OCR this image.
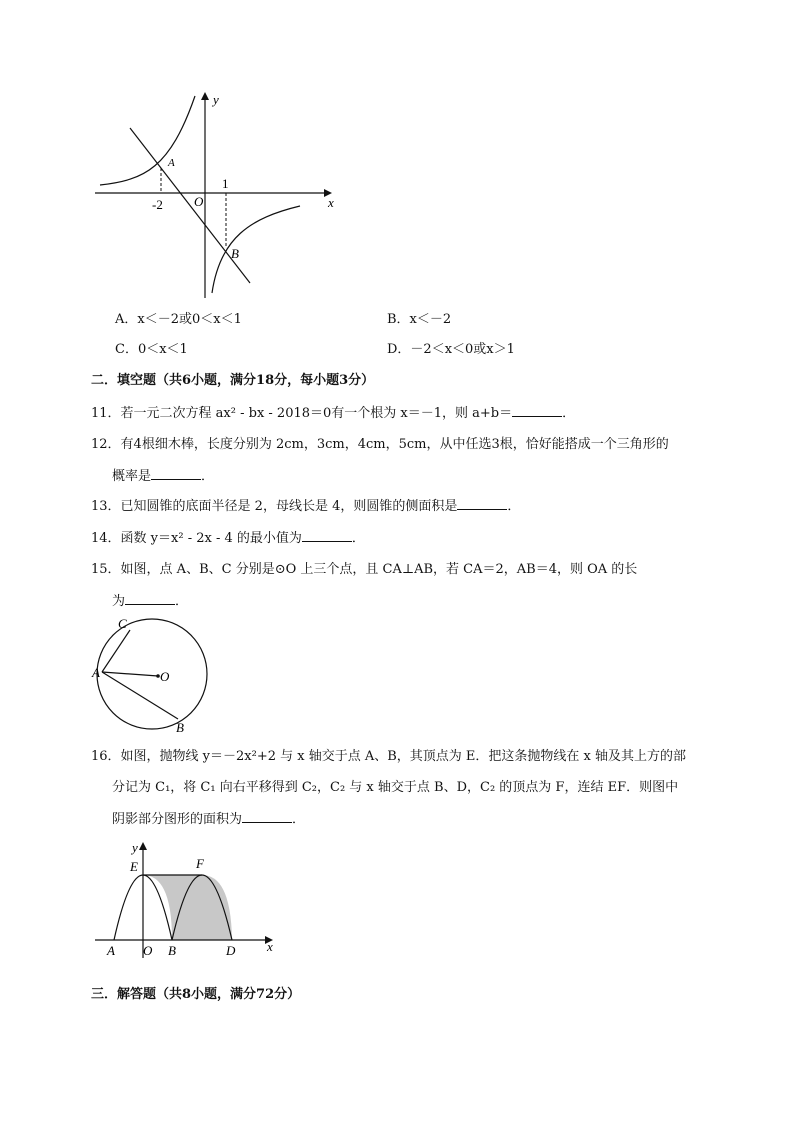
y
x
A
B
O
-2
1
A．x＜－2或0＜x＜1	B．x＜－2
C．0＜x＜1	D．－2＜x＜0或x＞1
二．填空题（共6小题，满分18分，每小题3分）
11．若一元二次方程 ax² - bx - 2018＝0有一个根为 x＝－1，则 a+b＝	．
12．有4根细木棒，长度分别为 2cm，3cm，4cm，5cm，从中任选3根，恰好能搭成一个三角形的
概率是	．
13．已知圆锥的底面半径是 2，母线长是 4，则圆锥的侧面积是	．
14．函数 y＝x² - 2x - 4 的最小值为	．
15．如图，点 A、B、C 分别是⊙O 上三个点，且 CA⊥AB，若 CA＝2，AB＝4，则 OA 的长
为	．
C
A	O
B
16．如图，抛物线 y＝－2x²+2 与 x 轴交于点 A、B，其顶点为 E．把这条抛物线在 x 轴及其上方的部
分记为 C₁，将 C₁ 向右平移得到 C₂，C₂ 与 x 轴交于点 B、D，C₂ 的顶点为 F，连结 EF．则图中
阴影部分图形的面积为	．
y
E	F
A O B	D x
三．解答题（共8小题，满分72分）
